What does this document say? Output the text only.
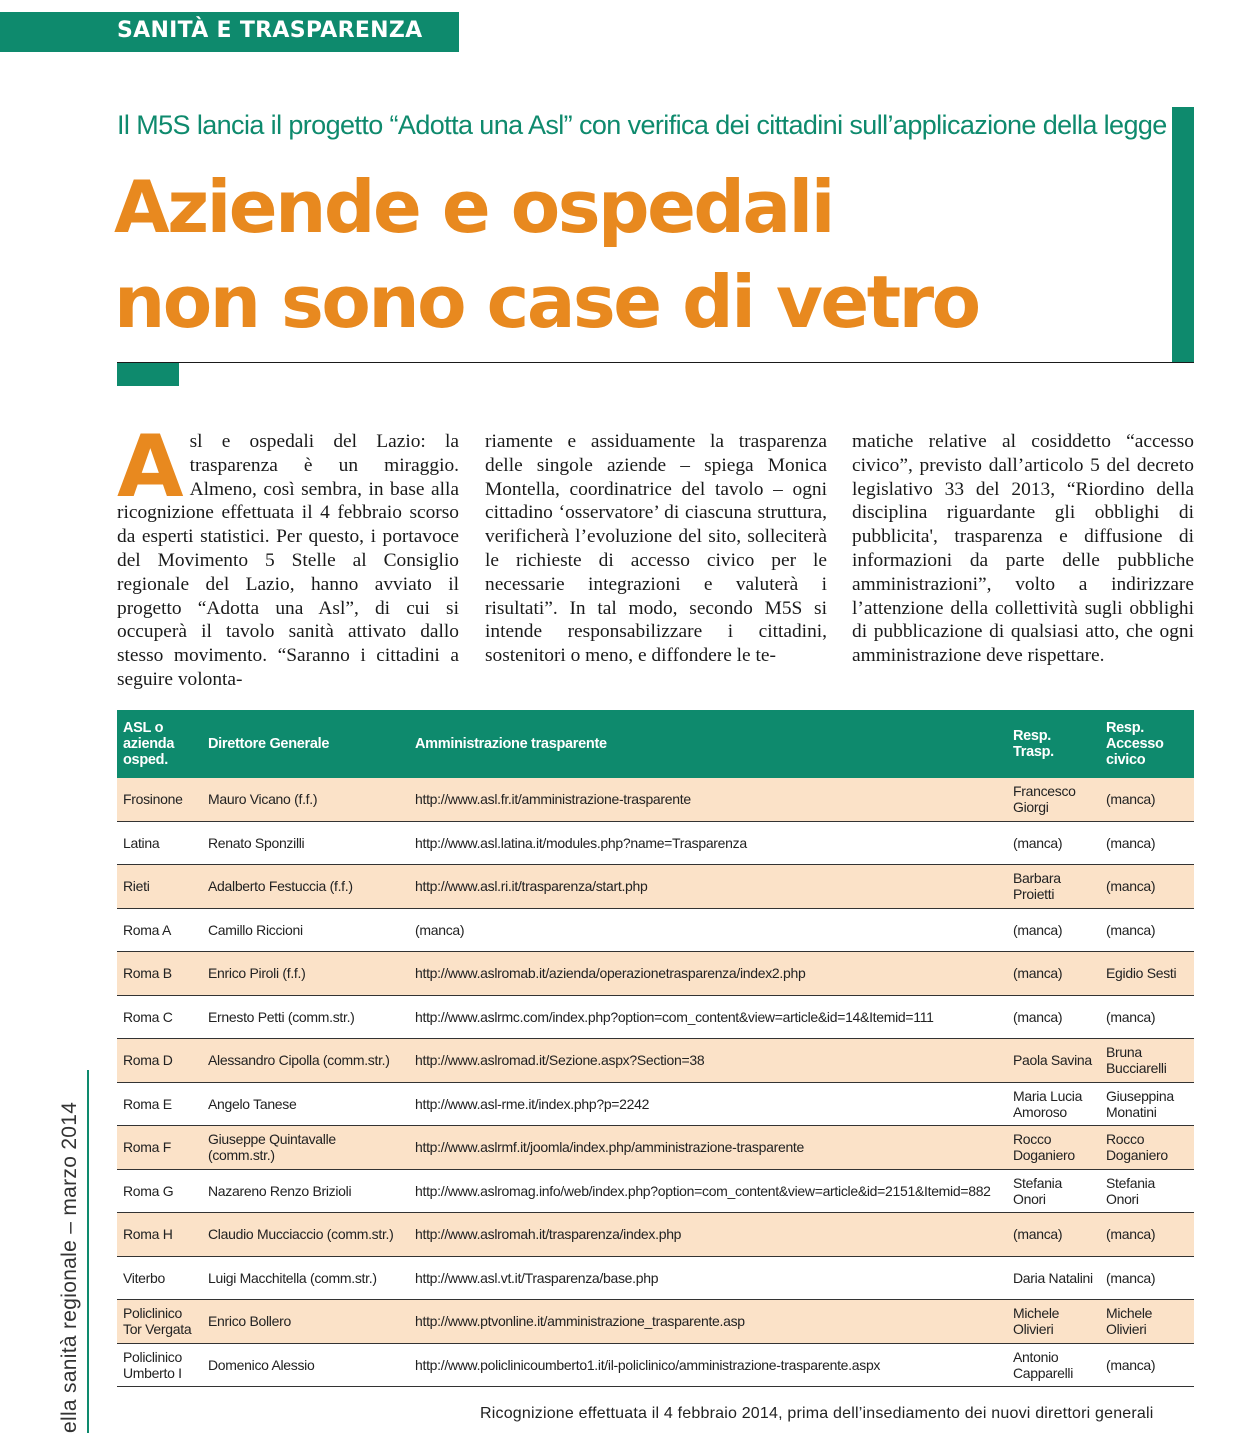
SANITÀ E TRASPARENZA
Il M5S lancia il progetto “Adotta una Asl” con verifica dei cittadini sull’applicazione della legge
Aziende e ospedali
non sono case di vetro
Asl e ospedali del Lazio: la trasparenza è un miraggio. Almeno, così sembra, in base alla ricognizione effettuata il 4 febbraio scorso da esperti statistici. Per questo, i portavoce del Movimento 5 Stelle al Consiglio regionale del Lazio, hanno avviato il progetto “Adotta una Asl”, di cui si occuperà il tavolo sanità attivato dallo stesso movimento. “Saranno i cittadini a seguire volonta-
riamente e assiduamente la trasparenza delle singole aziende – spiega Monica Montella, coordinatrice del tavolo – ogni cittadino ‘osservatore’ di ciascuna struttura, verificherà l’evoluzione del sito, solleciterà le richieste di accesso civico per le necessarie integrazioni e valuterà i risultati”. In tal modo, secondo M5S si intende responsabilizzare i cittadini, sostenitori o meno, e diffondere le te-
matiche relative al cosiddetto “accesso civico”, previsto dall’articolo 5 del decreto legislativo 33 del 2013, “Riordino della disciplina riguardante gli obblighi di pubblicita', trasparenza e diffusione di informazioni da parte delle pubbliche amministrazioni”, volto a indirizzare l’attenzione della collettività sugli obblighi di pubblicazione di qualsiasi atto, che ogni amministrazione deve rispettare.
ella sanità regionale – marzo 2014
ASL o azienda osped.	Direttore Generale	Amministrazione trasparente	Resp. Trasp.	Resp. Accesso civico
Frosinone	Mauro Vicano (f.f.)	http://www.asl.fr.it/amministrazione-trasparente	Francesco Giorgi	(manca)
Latina	Renato Sponzilli	http://www.asl.latina.it/modules.php?name=Trasparenza	(manca)	(manca)
Rieti	Adalberto Festuccia (f.f.)	http://www.asl.ri.it/trasparenza/start.php	Barbara Proietti	(manca)
Roma A	Camillo Riccioni	(manca)	(manca)	(manca)
Roma B	Enrico Piroli (f.f.)	http://www.aslromab.it/azienda/operazionetrasparenza/index2.php	(manca)	Egidio Sesti
Roma C	Ernesto Petti (comm.str.)	http://www.aslrmc.com/index.php?option=com_content&view=article&id=14&Itemid=111	(manca)	(manca)
Roma D	Alessandro Cipolla (comm.str.)	http://www.aslromad.it/Sezione.aspx?Section=38	Paola Savina	Bruna Bucciarelli
Roma E	Angelo Tanese	http://www.asl-rme.it/index.php?p=2242	Maria Lucia Amoroso	Giuseppina Monatini
Roma F	Giuseppe Quintavalle (comm.str.)	http://www.aslrmf.it/joomla/index.php/amministrazione-trasparente	Rocco Doganiero	Rocco Doganiero
Roma G	Nazareno Renzo Brizioli	http://www.aslromag.info/web/index.php?option=com_content&view=article&id=2151&Itemid=882	Stefania Onori	Stefania Onori
Roma H	Claudio Mucciaccio (comm.str.)	http://www.aslromah.it/trasparenza/index.php	(manca)	(manca)
Viterbo	Luigi Macchitella (comm.str.)	http://www.asl.vt.it/Trasparenza/base.php	Daria Natalini	(manca)
Policlinico Tor Vergata	Enrico Bollero	http://www.ptvonline.it/amministrazione_trasparente.asp	Michele Olivieri	Michele Olivieri
Policlinico Umberto I	Domenico Alessio	http://www.policlinicoumberto1.it/il-policlinico/amministrazione-trasparente.aspx	Antonio Capparelli	(manca)
Ricognizione effettuata il 4 febbraio 2014, prima dell’insediamento dei nuovi direttori generali
